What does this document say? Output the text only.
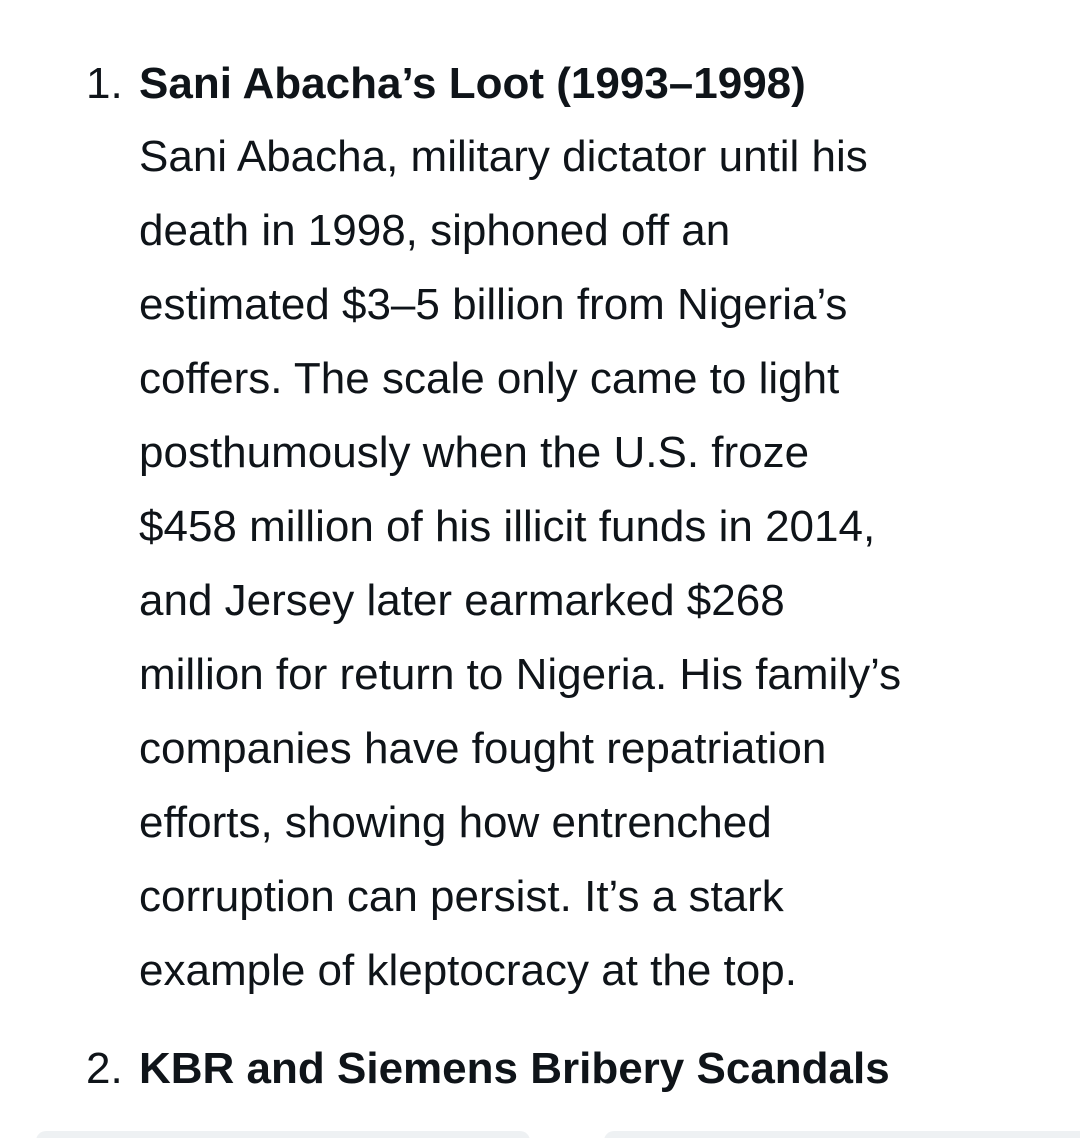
1. Sani Abacha’s Loot (1993–1998)

Sani Abacha, military dictator until his
death in 1998, siphoned off an
estimated $3–5 billion from Nigeria’s
coffers. The scale only came to light
posthumously when the U.S. froze
$458 million of his illicit funds in 2014,
and Jersey later earmarked $268
million for return to Nigeria. His family’s
companies have fought repatriation
efforts, showing how entrenched
corruption can persist. It’s a stark
example of kleptocracy at the top.

2. KBR and Siemens Bribery Scandals
